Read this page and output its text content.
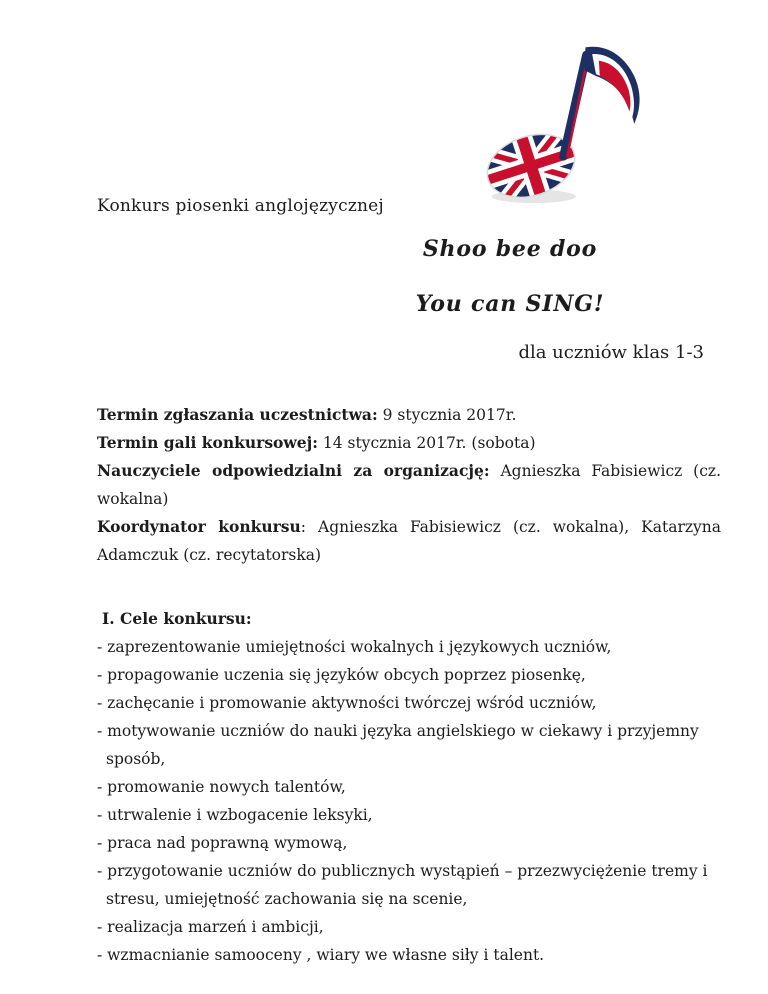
Konkurs piosenki anglojęzycznej
Shoo bee doo
You can SING!
dla uczniów klas 1-3

Termin zgłaszania uczestnictwa: 9 stycznia 2017r.

Termin gali konkursowej: 14 stycznia 2017r. (sobota)

Nauczyciele odpowiedzialni za organizację: Agnieszka Fabisiewicz (cz. wokalna)

Koordynator konkursu: Agnieszka Fabisiewicz (cz. wokalna), Katarzyna Adamczuk (cz. recytatorska)

I. Cele konkursu:

- zaprezentowanie umiejętności wokalnych i językowych uczniów,
- propagowanie uczenia się języków obcych poprzez piosenkę,
- zachęcanie i promowanie aktywności twórczej wśród uczniów,
- motywowanie uczniów do nauki języka angielskiego w ciekawy i przyjemny sposób,
- promowanie nowych talentów,
- utrwalenie i wzbogacenie leksyki,
- praca nad poprawną wymową,
- przygotowanie uczniów do publicznych wystąpień – przezwyciężenie tremy i stresu, umiejętność zachowania się na scenie,
- realizacja marzeń i ambicji,
- wzmacnianie samooceny , wiary we własne siły i talent.
